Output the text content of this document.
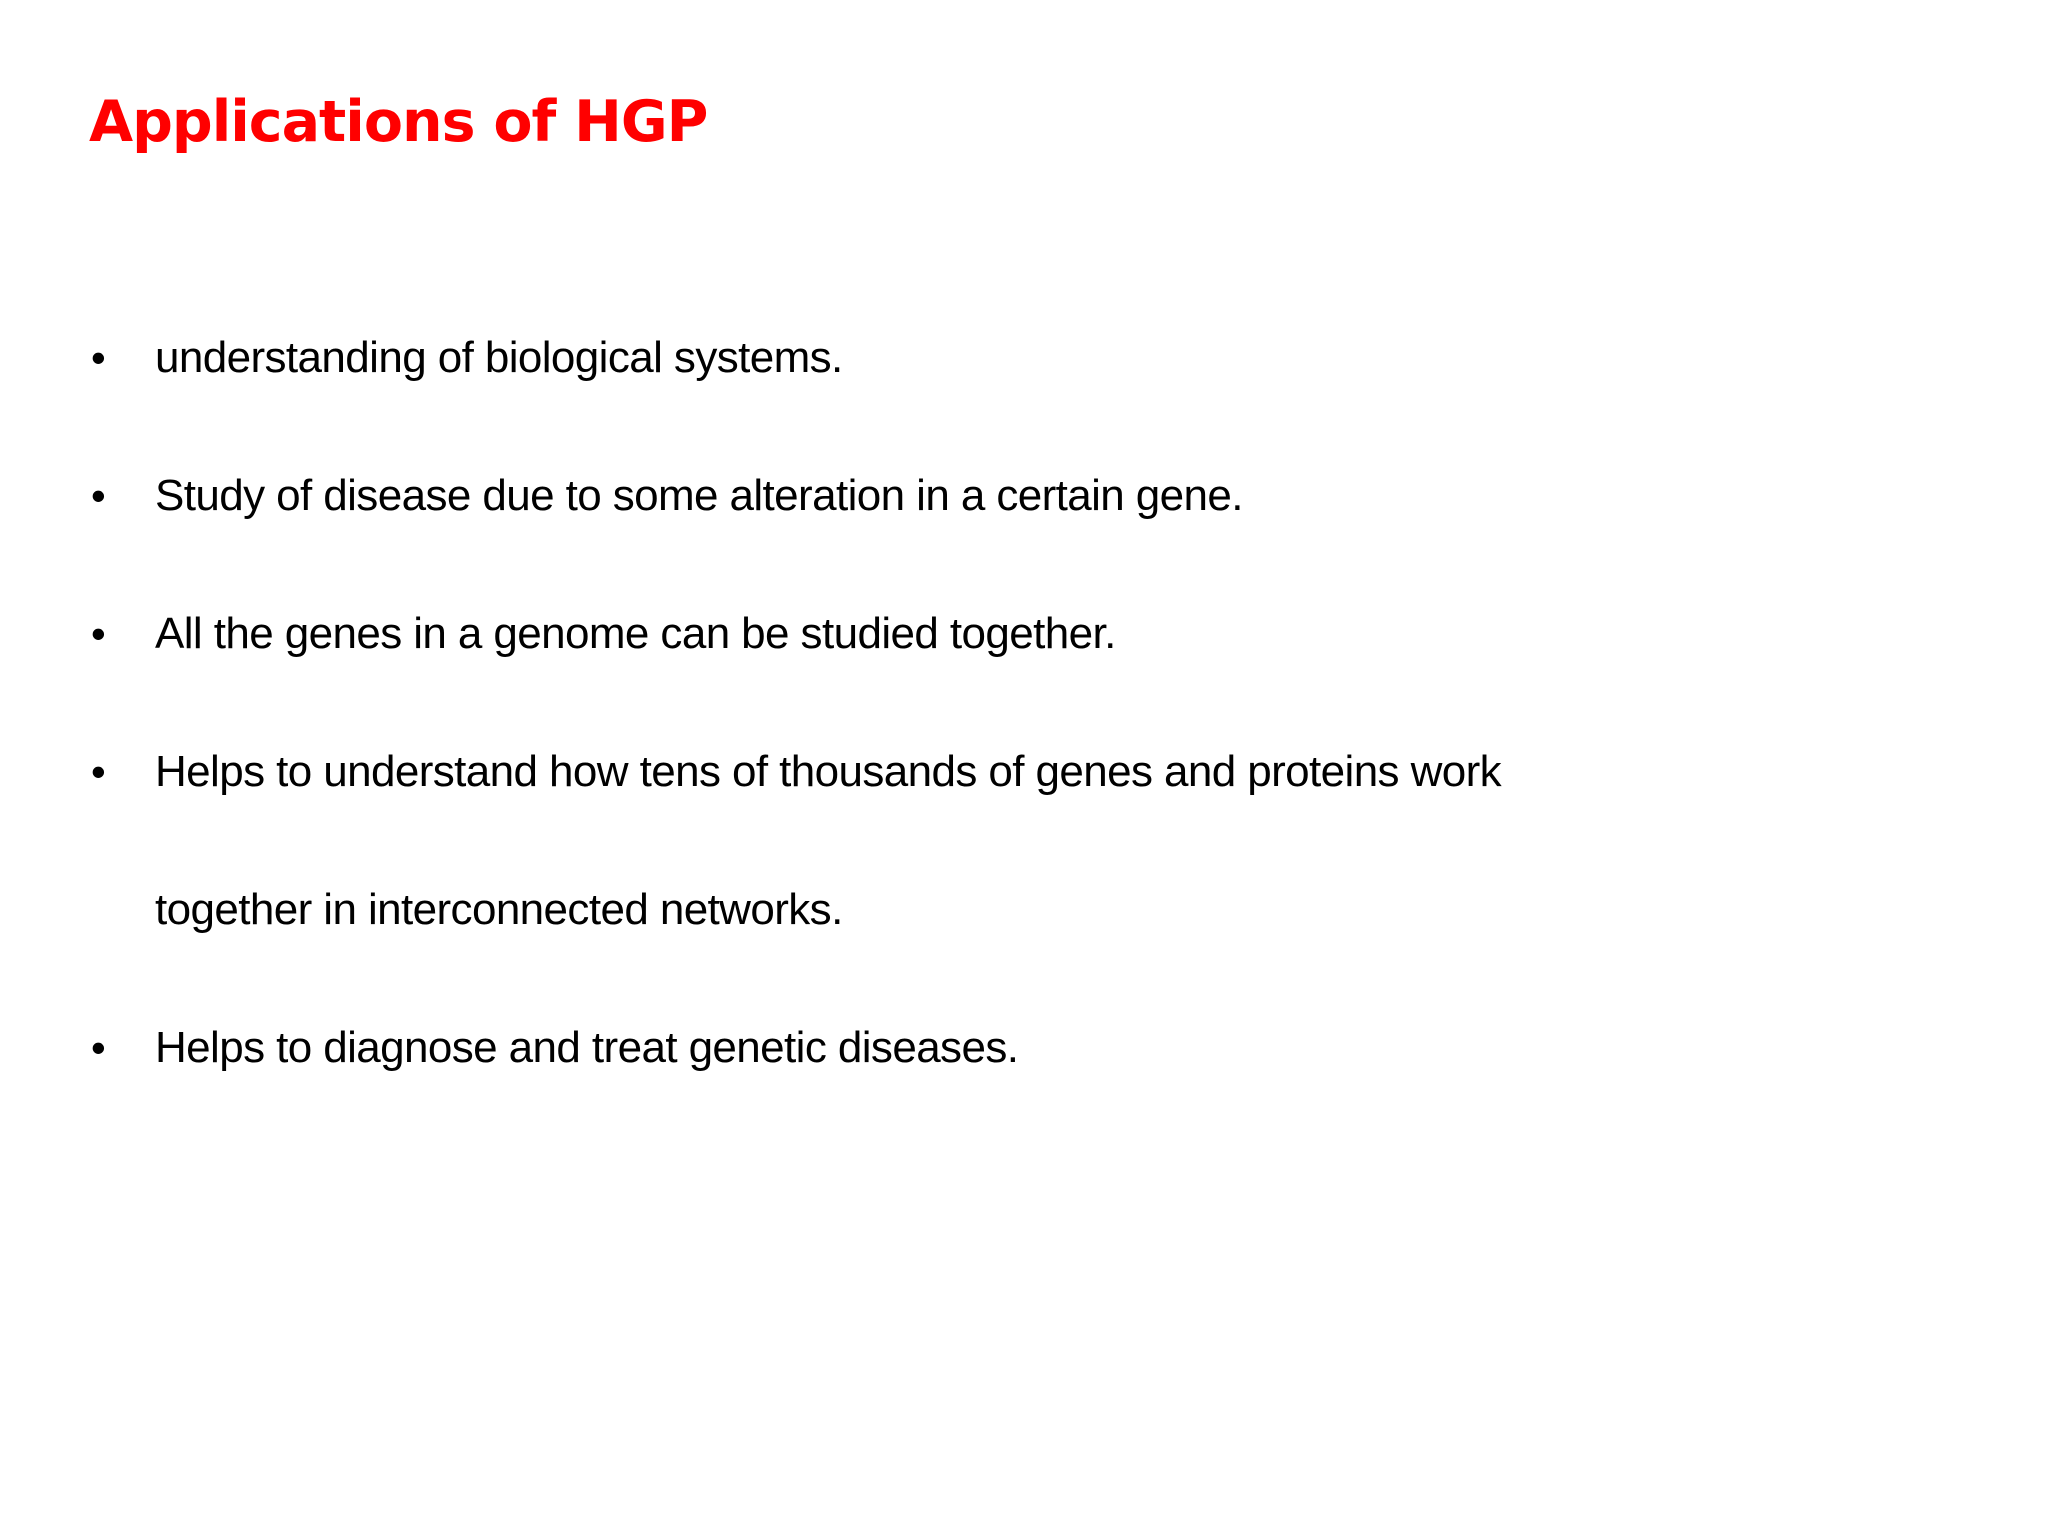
Applications of HGP
• understanding of biological systems.
• Study of disease due to some alteration in a certain gene.
• All the genes in a genome can be studied together.
• Helps to understand how tens of thousands of genes and proteins work
together in interconnected networks.
• Helps to diagnose and treat genetic diseases.
